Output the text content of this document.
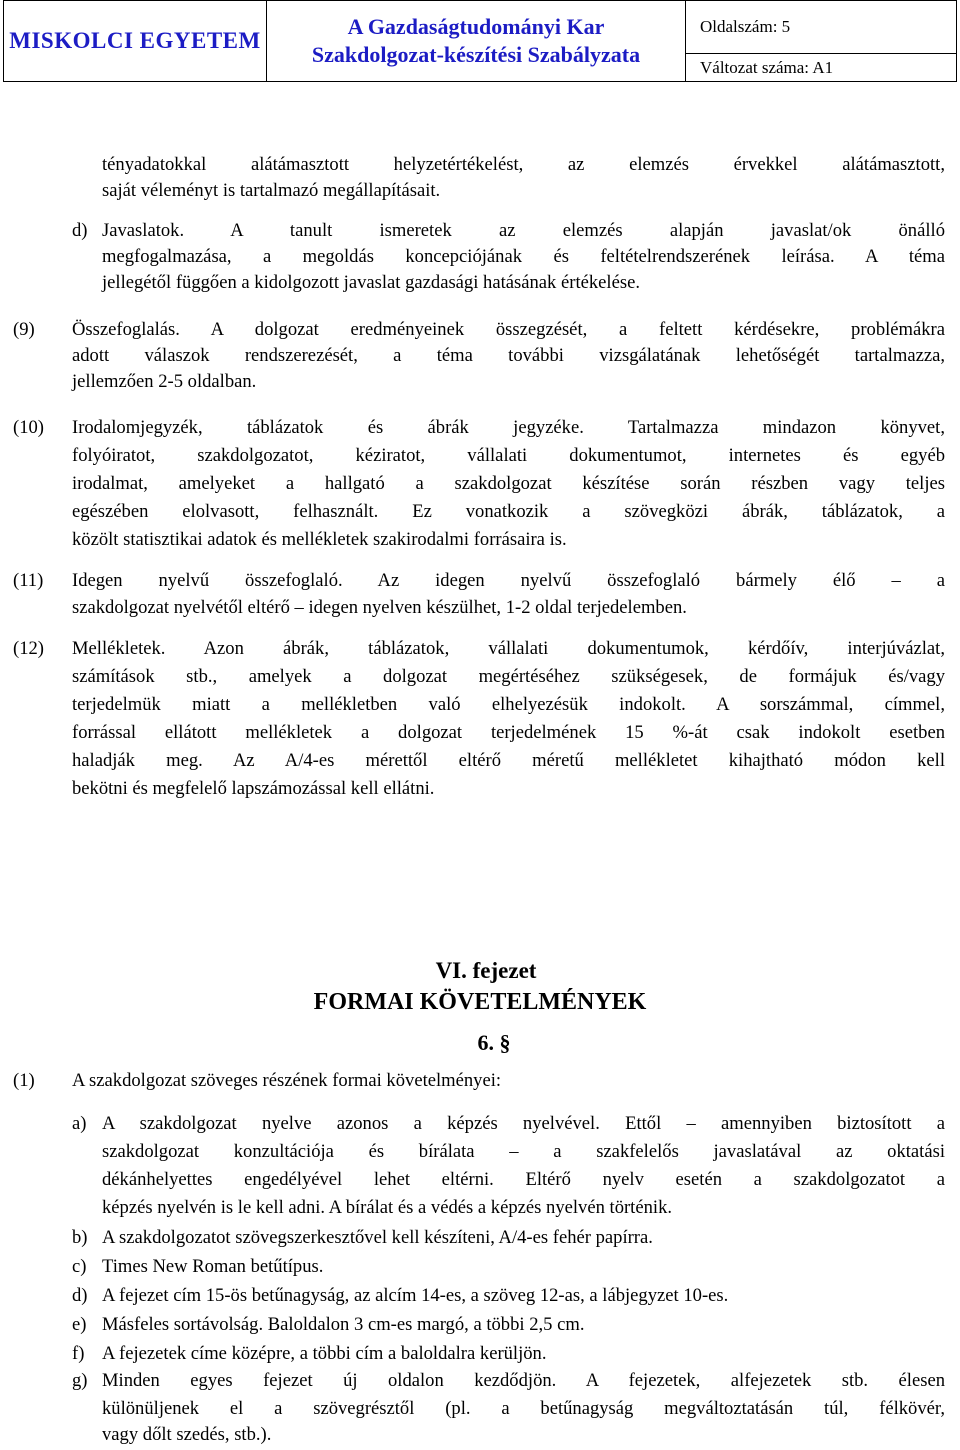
MISKOLCI EGYETEM	
A Gazdaságtudományi Kar
Szakdolgozat-készítési Szabályzata
	Oldalszám: 5
Változat száma: A1
tényadatokkal alátámasztott helyzetértékelést, az elemzés érvekkel alátámasztott,
saját véleményt is tartalmazó megállapításait.
d) Javaslatok. A tanult ismeretek az elemzés alapján javaslat/ok önálló
megfogalmazása, a megoldás koncepciójának és feltételrendszerének leírása. A téma
jellegétől függően a kidolgozott javaslat gazdasági hatásának értékelése.
(9) Összefoglalás. A dolgozat eredményeinek összegzését, a feltett kérdésekre, problémákra
adott válaszok rendszerezését, a téma további vizsgálatának lehetőségét tartalmazza,
jellemzően 2-5 oldalban.
(10) Irodalomjegyzék, táblázatok és ábrák jegyzéke. Tartalmazza mindazon könyvet,
folyóiratot, szakdolgozatot, kéziratot, vállalati dokumentumot, internetes és egyéb
irodalmat, amelyeket a hallgató a szakdolgozat készítése során részben vagy teljes
egészében elolvasott, felhasznált. Ez vonatkozik a szövegközi ábrák, táblázatok, a
közölt statisztikai adatok és mellékletek szakirodalmi forrásaira is.
(11) Idegen nyelvű összefoglaló. Az idegen nyelvű összefoglaló bármely élő – a
szakdolgozat nyelvétől eltérő – idegen nyelven készülhet, 1-2 oldal terjedelemben.
(12) Mellékletek. Azon ábrák, táblázatok, vállalati dokumentumok, kérdőív, interjúvázlat,
számítások stb., amelyek a dolgozat megértéséhez szükségesek, de formájuk és/vagy
terjedelmük miatt a mellékletben való elhelyezésük indokolt. A sorszámmal, címmel,
forrással ellátott mellékletek a dolgozat terjedelmének 15 %-át csak indokolt esetben
haladják meg. Az A/4-es mérettől eltérő méretű mellékletet kihajtható módon kell
bekötni és megfelelő lapszámozással kell ellátni.
VI. fejezet
FORMAI KÖVETELMÉNYEK
6. §
(1) A szakdolgozat szöveges részének formai követelményei:
a) A szakdolgozat nyelve azonos a képzés nyelvével. Ettől – amennyiben biztosított a
szakdolgozat konzultációja és bírálata – a szakfelelős javaslatával az oktatási
dékánhelyettes engedélyével lehet eltérni. Eltérő nyelv esetén a szakdolgozatot a
képzés nyelvén is le kell adni. A bírálat és a védés a képzés nyelvén történik.
b) A szakdolgozatot szövegszerkesztővel kell készíteni, A/4-es fehér papírra.
c) Times New Roman betűtípus.
d) A fejezet cím 15-ös betűnagyság, az alcím 14-es, a szöveg 12-as, a lábjegyzet 10-es.
e) Másfeles sortávolság. Baloldalon 3 cm-es margó, a többi 2,5 cm.
f) A fejezetek címe középre, a többi cím a baloldalra kerüljön.
g) Minden egyes fejezet új oldalon kezdődjön. A fejezetek, alfejezetek stb. élesen
különüljenek el a szövegrésztől (pl. a betűnagyság megváltoztatásán túl, félkövér,
vagy dőlt szedés, stb.).
